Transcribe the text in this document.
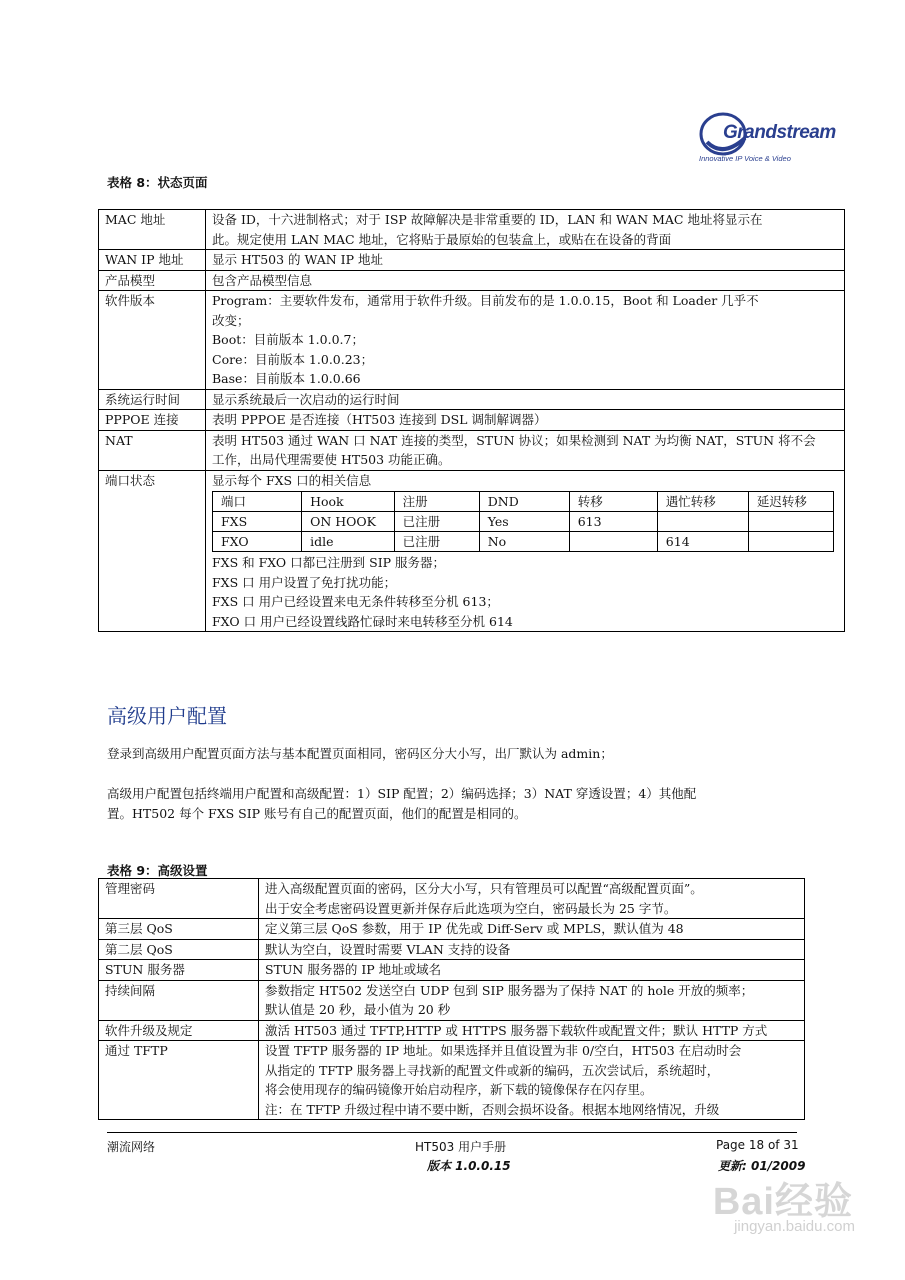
Grandstream
Innovative IP Voice & Video
表格 8：状态页面
MAC 地址	设备 ID，十六进制格式；对于 ISP 故障解决是非常重要的 ID，LAN 和 WAN MAC 地址将显示在
此。规定使用 LAN MAC 地址，它将贴于最原始的包装盒上，或贴在在设备的背面

WAN IP 地址	显示 HT503 的 WAN IP 地址

产品模型	包含产品模型信息

软件版本	Program：主要软件发布，通常用于软件升级。目前发布的是 1.0.0.15，Boot 和 Loader 几乎不
改变；
Boot：目前版本 1.0.0.7；
Core：目前版本 1.0.0.23；
Base：目前版本 1.0.0.66

系统运行时间	显示系统最后一次启动的运行时间

PPPOE 连接	表明 PPPOE 是否连接（HT503 连接到 DSL 调制解调器）

NAT	表明 HT503 通过 WAN 口 NAT 连接的类型，STUN 协议；如果检测到 NAT 为均衡 NAT，STUN 将不会
工作，出局代理需要使 HT503 功能正确。

端口状态	显示每个 FXS 口的相关信息
端口	Hook	注册	DND	转移	遇忙转移	延迟转移
FXS	ON HOOK	已注册	Yes	613		
FXO	idle	已注册	No		614	
FXS 和 FXO 口都已注册到 SIP 服务器；
FXS 口 用户设置了免打扰功能；
FXS 口 用户已经设置来电无条件转移至分机 613；
FXO 口 用户已经设置线路忙碌时来电转移至分机 614
高级用户配置
登录到高级用户配置页面方法与基本配置页面相同，密码区分大小写，出厂默认为 admin；
高级用户配置包括终端用户配置和高级配置：1）SIP 配置；2）编码选择；3）NAT 穿透设置；4）其他配
置。HT502 每个 FXS SIP 账号有自己的配置页面，他们的配置是相同的。
表格 9：高级设置
管理密码	进入高级配置页面的密码，区分大小写，只有管理员可以配置“高级配置页面”。
出于安全考虑密码设置更新并保存后此选项为空白，密码最长为 25 字节。

第三层 QoS	定义第三层 QoS 参数，用于 IP 优先或 Diff-Serv 或 MPLS，默认值为 48

第二层 QoS	默认为空白，设置时需要 VLAN 支持的设备

STUN 服务器	STUN 服务器的 IP 地址或域名

持续间隔	参数指定 HT502 发送空白 UDP 包到 SIP 服务器为了保持 NAT 的 hole 开放的频率；
默认值是 20 秒，最小值为 20 秒

软件升级及规定	激活 HT503 通过 TFTP,HTTP 或 HTTPS 服务器下载软件或配置文件；默认 HTTP 方式

通过 TFTP	设置 TFTP 服务器的 IP 地址。如果选择并且值设置为非 0/空白，HT503 在启动时会
从指定的 TFTP 服务器上寻找新的配置文件或新的编码，五次尝试后，系统超时，
将会使用现存的编码镜像开始启动程序，新下载的镜像保存在闪存里。
注：在 TFTP 升级过程中请不要中断，否则会损坏设备。根据本地网络情况，升级
潮流网络	HT503 用户手册
版本 1.0.0.15
Page 18 of 31
更新: 01/2009
Bai经验
jingyan.baidu.com
